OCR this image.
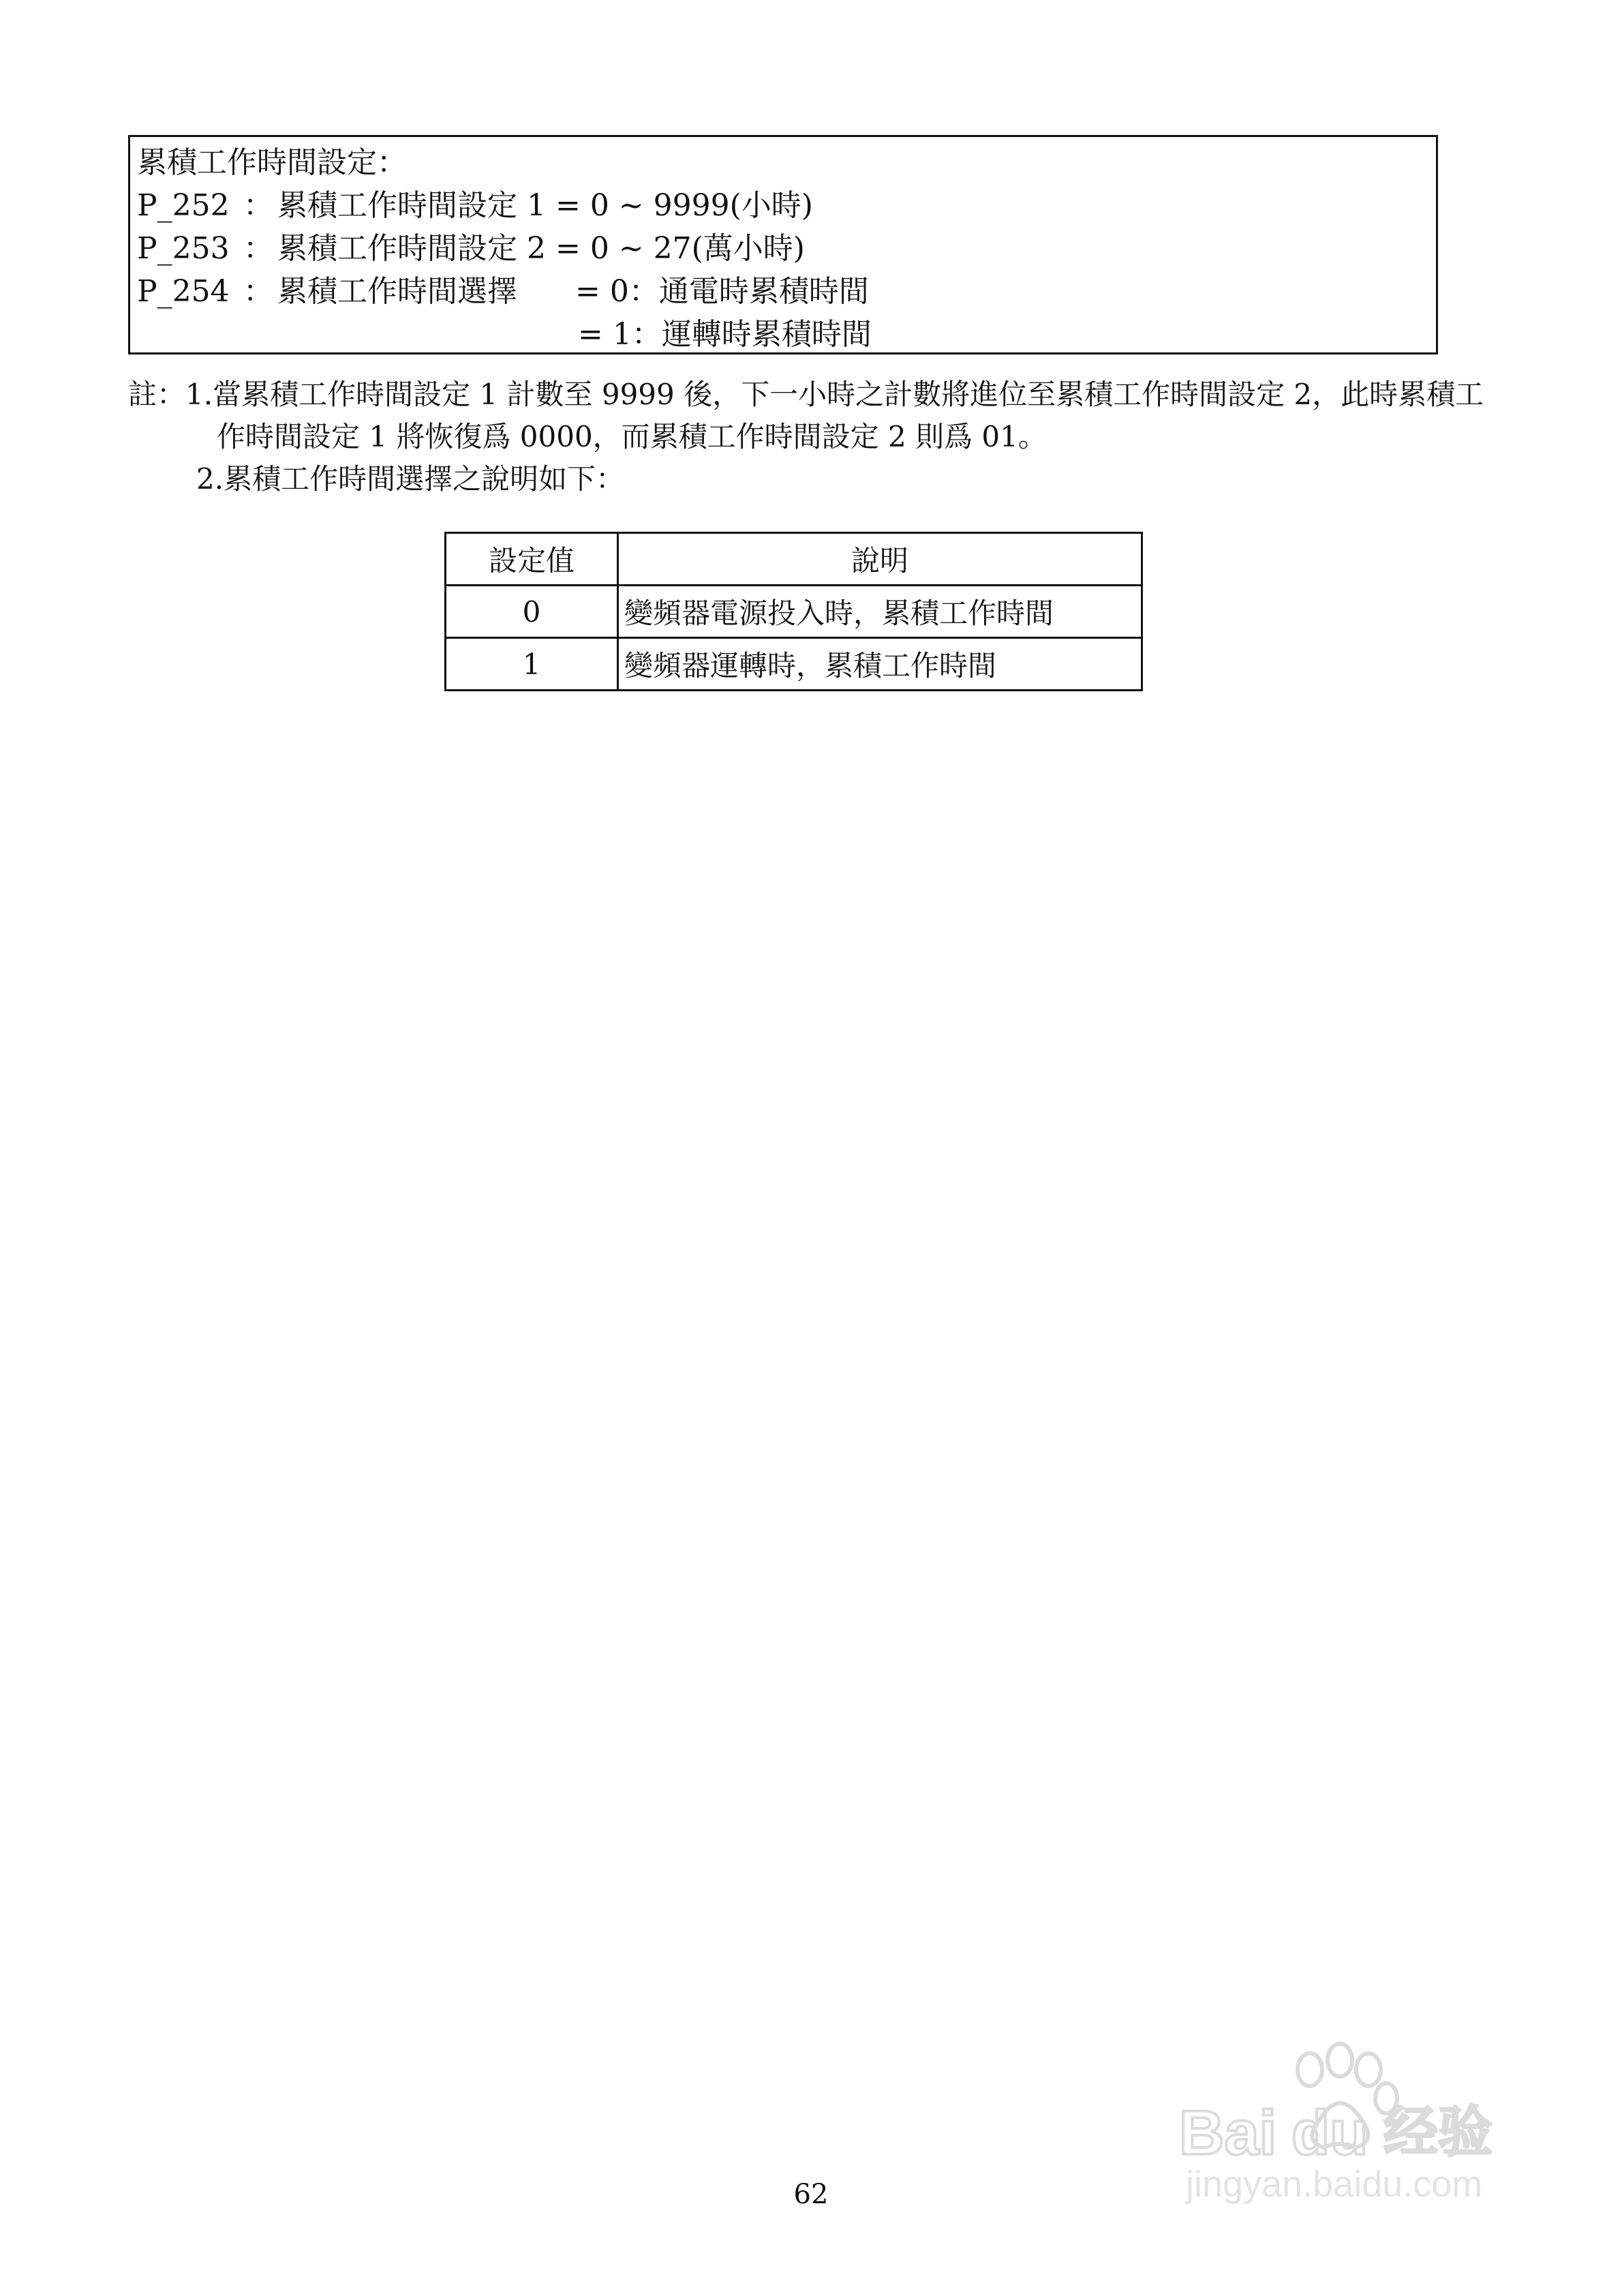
累積工作時間設定：
P_252 ： 累積工作時間設定 1 = 0 ~ 9999(小時)
P_253 ： 累積工作時間設定 2 = 0 ~ 27(萬小時)
P_254 ： 累積工作時間選擇 = 0：通電時累積時間
= 1：運轉時累積時間
註：1.當累積工作時間設定 1 計數至 9999 後，下一小時之計數將進位至累積工作時間設定 2，此時累積工
作時間設定 1 將恢復爲 0000，而累積工作時間設定 2 則爲 01。
2.累積工作時間選擇之說明如下：
設定值	說明
0	變頻器電源投入時，累積工作時間
1	變頻器運轉時，累積工作時間
Bai du 经验
jingyan.baidu.com
62
